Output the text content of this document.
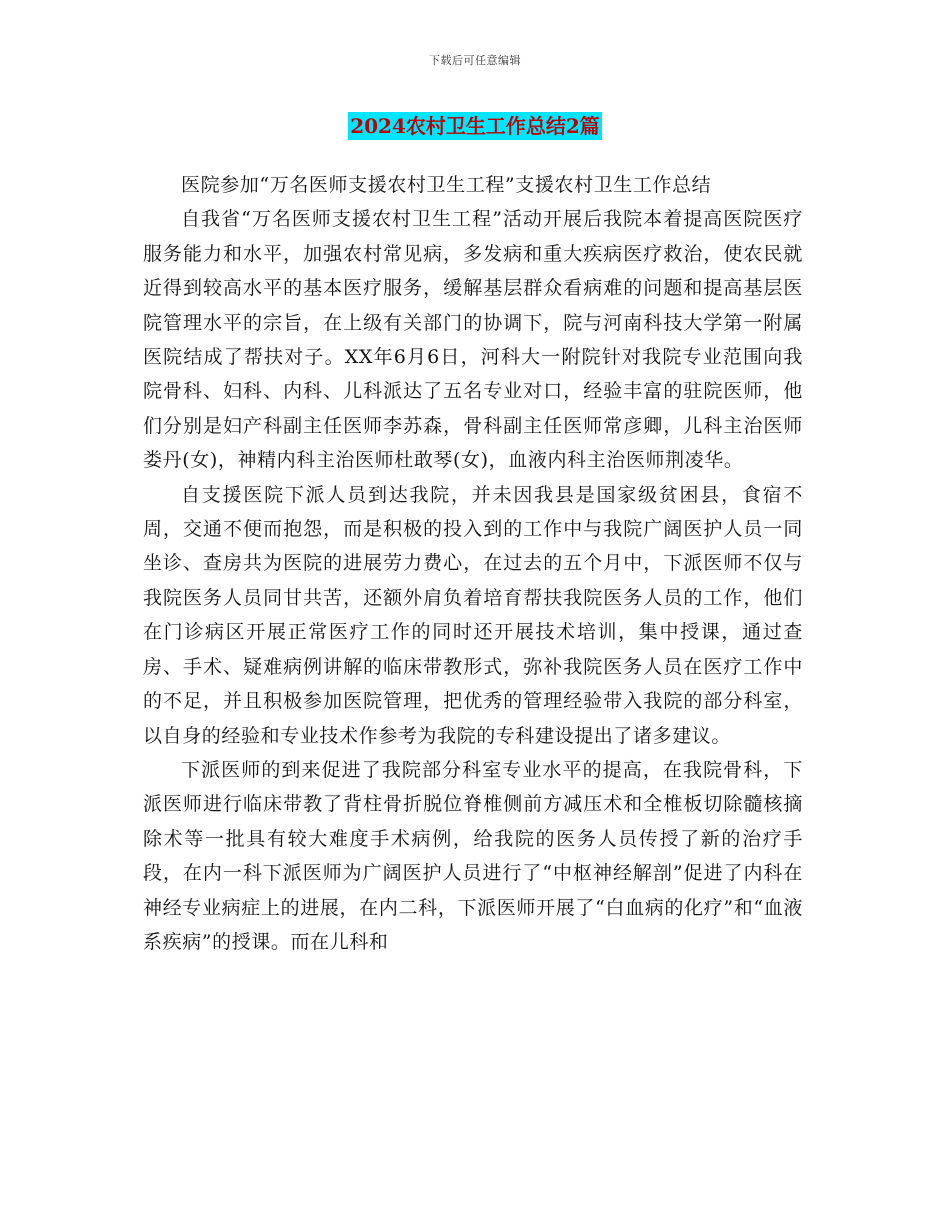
下载后可任意编辑
2024农村卫生工作总结2篇

医院参加“万名医师支援农村卫生工程”支援农村卫生工作总结

自我省“万名医师支援农村卫生工程”活动开展后我院本着提高医院医疗服务能力和水平，加强农村常见病，多发病和重大疾病医疗救治，使农民就近得到较高水平的基本医疗服务，缓解基层群众看病难的问题和提高基层医院管理水平的宗旨，在上级有关部门的协调下，院与河南科技大学第一附属医院结成了帮扶对子。XX年6月6日，河科大一附院针对我院专业范围向我院骨科、妇科、内科、儿科派达了五名专业对口，经验丰富的驻院医师，他们分别是妇产科副主任医师李苏森，骨科副主任医师常彦卿，儿科主治医师娄丹(女)，神精内科主治医师杜敢琴(女)，血液内科主治医师荆凌华。

自支援医院下派人员到达我院，并未因我县是国家级贫困县，食宿不周，交通不便而抱怨，而是积极的投入到的工作中与我院广阔医护人员一同坐诊、查房共为医院的进展劳力费心，在过去的五个月中，下派医师不仅与我院医务人员同甘共苦，还额外肩负着培育帮扶我院医务人员的工作，他们在门诊病区开展正常医疗工作的同时还开展技术培训，集中授课，通过查房、手术、疑难病例讲解的临床带教形式，弥补我院医务人员在医疗工作中的不足，并且积极参加医院管理，把优秀的管理经验带入我院的部分科室，以自身的经验和专业技术作参考为我院的专科建设提出了诸多建议。

下派医师的到来促进了我院部分科室专业水平的提高，在我院骨科，下派医师进行临床带教了背柱骨折脱位脊椎侧前方减压术和全椎板切除髓核摘除术等一批具有较大难度手术病例，给我院的医务人员传授了新的治疗手段，在内一科下派医师为广阔医护人员进行了“中枢神经解剖”促进了内科在神经专业病症上的进展，在内二科，下派医师开展了“白血病的化疗”和“血液系疾病”的授课。而在儿科和
